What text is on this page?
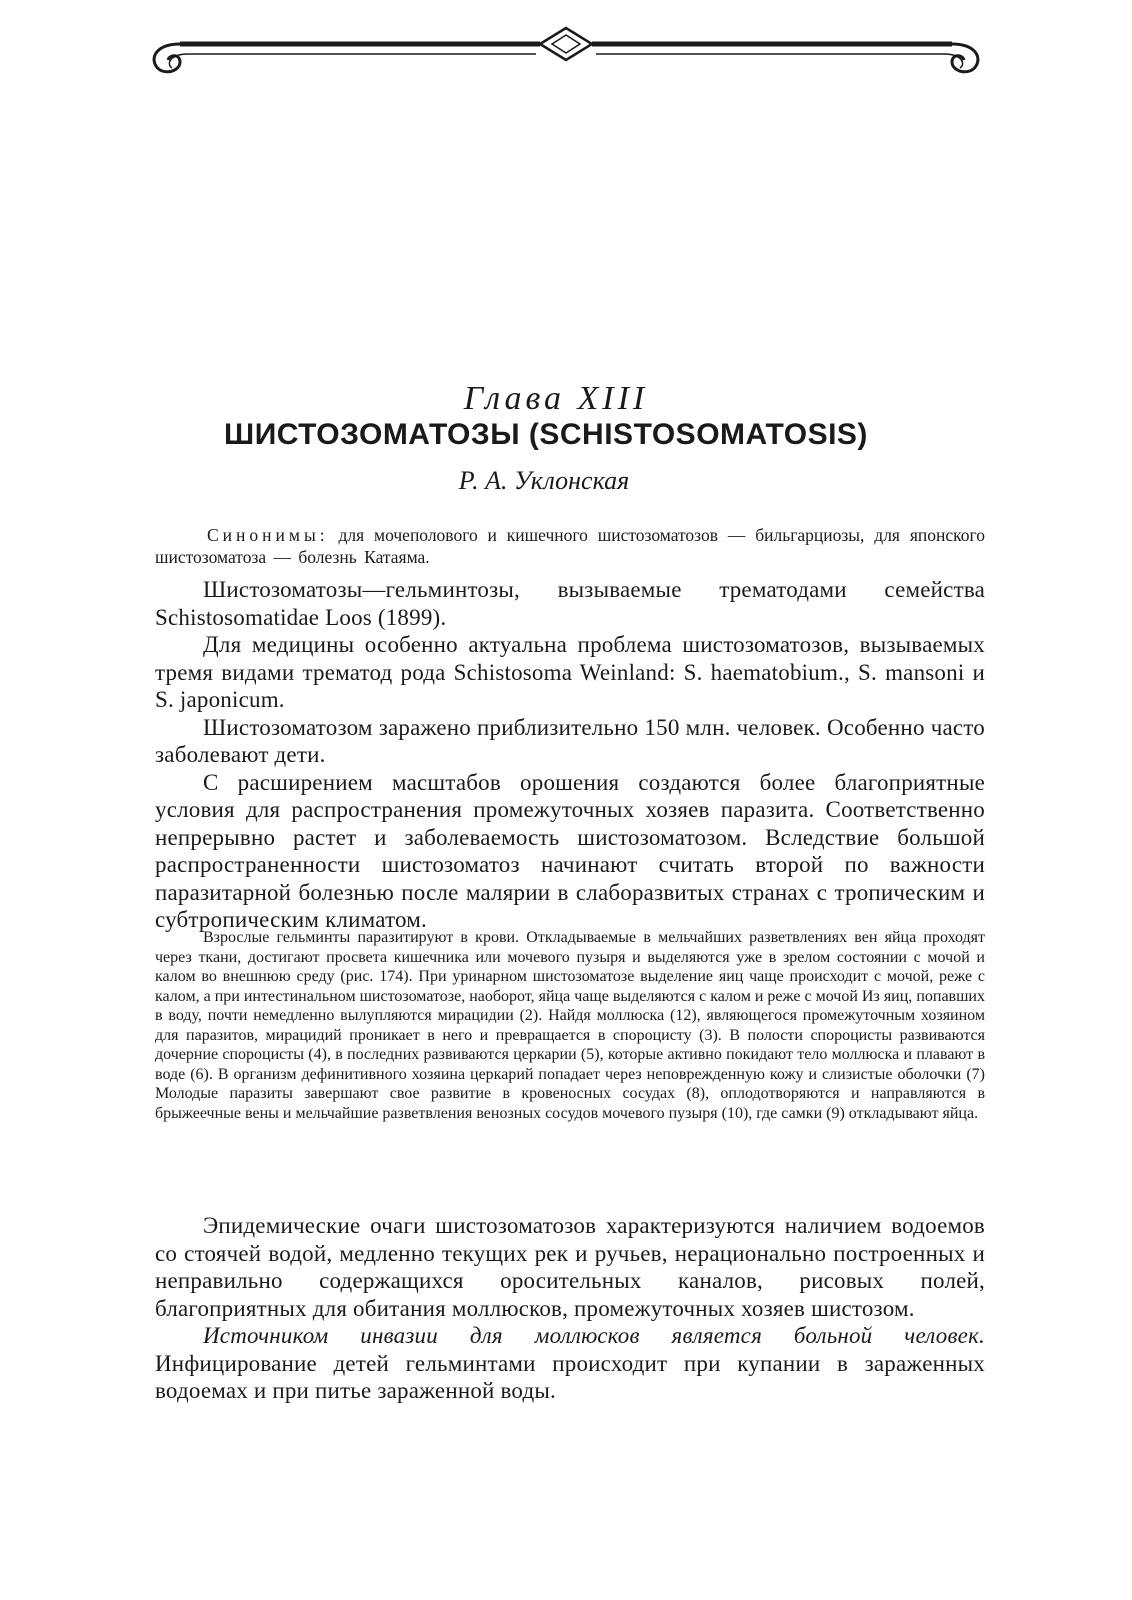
Глава XIII
ШИСТОЗОМАТОЗЫ (SCHISTOSOMATOSIS)
Р. А. Уклонская
Синонимы: для мочеполового и кишечного шистозоматозов — бильгарциозы, для японского шистозоматоза — болезнь Катаяма.

Шистозоматозы—гельминтозы, вызываемые трематодами семейства Schistosomatidae Loos (1899).

Для медицины особенно актуальна проблема шистозоматозов, вызываемых тремя видами трематод рода Schistosoma Weinland: S. haematobium., S. mansoni и S. japonicum.

Шистозоматозом заражено приблизительно 150 млн. человек. Особенно часто заболевают дети.

С расширением масштабов орошения создаются более благоприятные условия для распространения промежуточных хозяев паразита. Соответственно непрерывно растет и заболеваемость шистозоматозом. Вследствие большой распространенности шистозоматоз начинают считать второй по важности паразитарной болезнью после малярии в слаборазвитых странах с тропическим и субтропическим климатом.

Взрослые гельминты паразитируют в крови. Откладываемые в мельчайших разветвлениях вен яйца проходят через ткани, достигают просвета кишечника или мочевого пузыря и выделяются уже в зрелом состоянии с мочой и калом во внешнюю среду (рис. 174). При уринарном шистозоматозе выделение яиц чаще происходит с мочой, реже с калом, а при интестинальном шистозоматозе, наоборот, яйца чаще выделяются с калом и реже с мочой Из яиц, попавших в воду, почти немедленно вылупляются мирацидии (2). Найдя моллюска (12), являющегося промежуточным хозяином для паразитов, мирацидий проникает в него и превращается в спороцисту (3). В полости спороцисты развиваются дочерние спороцисты (4), в последних развиваются церкарии (5), которые активно покидают тело моллюска и плавают в воде (6). В организм дефинитивного хозяина церкарий попадает через неповрежденную кожу и слизистые оболочки (7) Молодые паразиты завершают свое развитие в кровеносных сосудах (8), оплодотворяются и направляются в брыжеечные вены и мельчайшие разветвления венозных сосудов мочевого пузыря (10), где самки (9) откладывают яйца.

Эпидемические очаги шистозоматозов характеризуются наличием водоемов со стоячей водой, медленно текущих рек и ручьев, нерационально построенных и неправильно содержащихся оросительных каналов, рисовых полей, благоприятных для обитания моллюсков, промежуточных хозяев шистозом.

Источником инвазии для моллюсков является больной человек. Инфицирование детей гельминтами происходит при купании в зараженных водоемах и при питье зараженной воды.
